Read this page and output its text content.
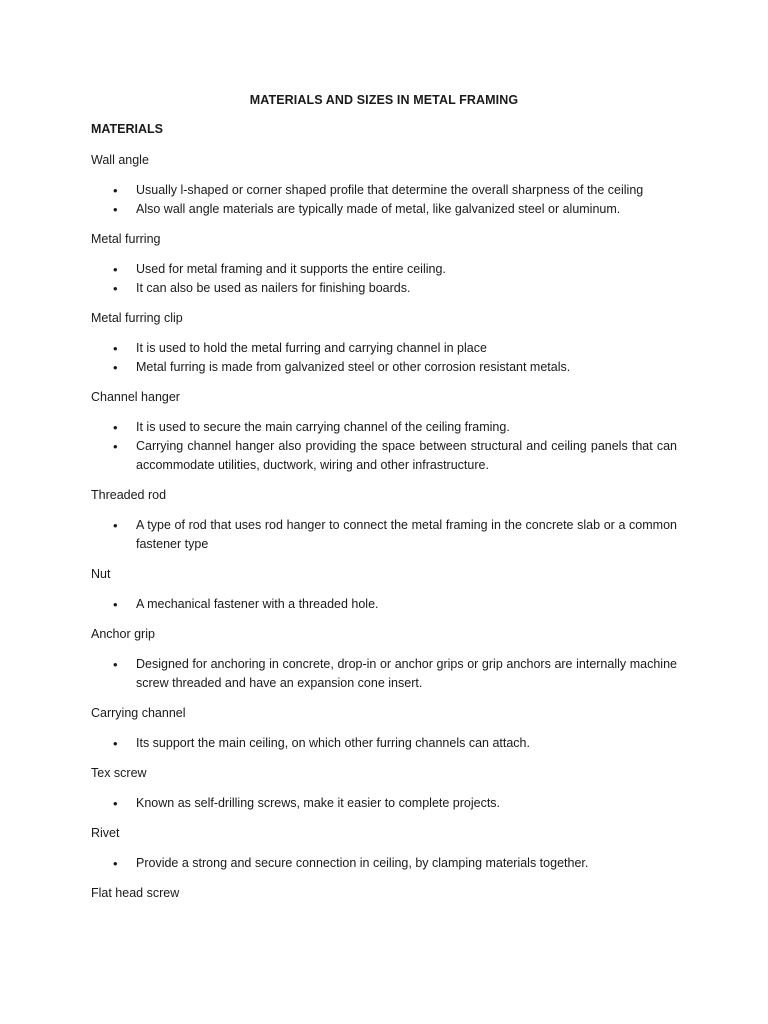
MATERIALS AND SIZES IN METAL FRAMING
MATERIALS

Wall angle

• Usually l-shaped or corner shaped profile that determine the overall sharpness of the ceiling
• Also wall angle materials are typically made of metal, like galvanized steel or aluminum.

Metal furring

• Used for metal framing and it supports the entire ceiling.
• It can also be used as nailers for finishing boards.

Metal furring clip

• It is used to hold the metal furring and carrying channel in place
• Metal furring is made from galvanized steel or other corrosion resistant metals.

Channel hanger

• It is used to secure the main carrying channel of the ceiling framing.
• Carrying channel hanger also providing the space between structural and ceiling panels that can accommodate utilities, ductwork, wiring and other infrastructure.

Threaded rod

• A type of rod that uses rod hanger to connect the metal framing in the concrete slab or a common fastener type

Nut

• A mechanical fastener with a threaded hole.

Anchor grip

• Designed for anchoring in concrete, drop-in or anchor grips or grip anchors are internally machine screw threaded and have an expansion cone insert.

Carrying channel

• Its support the main ceiling, on which other furring channels can attach.

Tex screw

• Known as self-drilling screws, make it easier to complete projects.

Rivet

• Provide a strong and secure connection in ceiling, by clamping materials together.

Flat head screw
